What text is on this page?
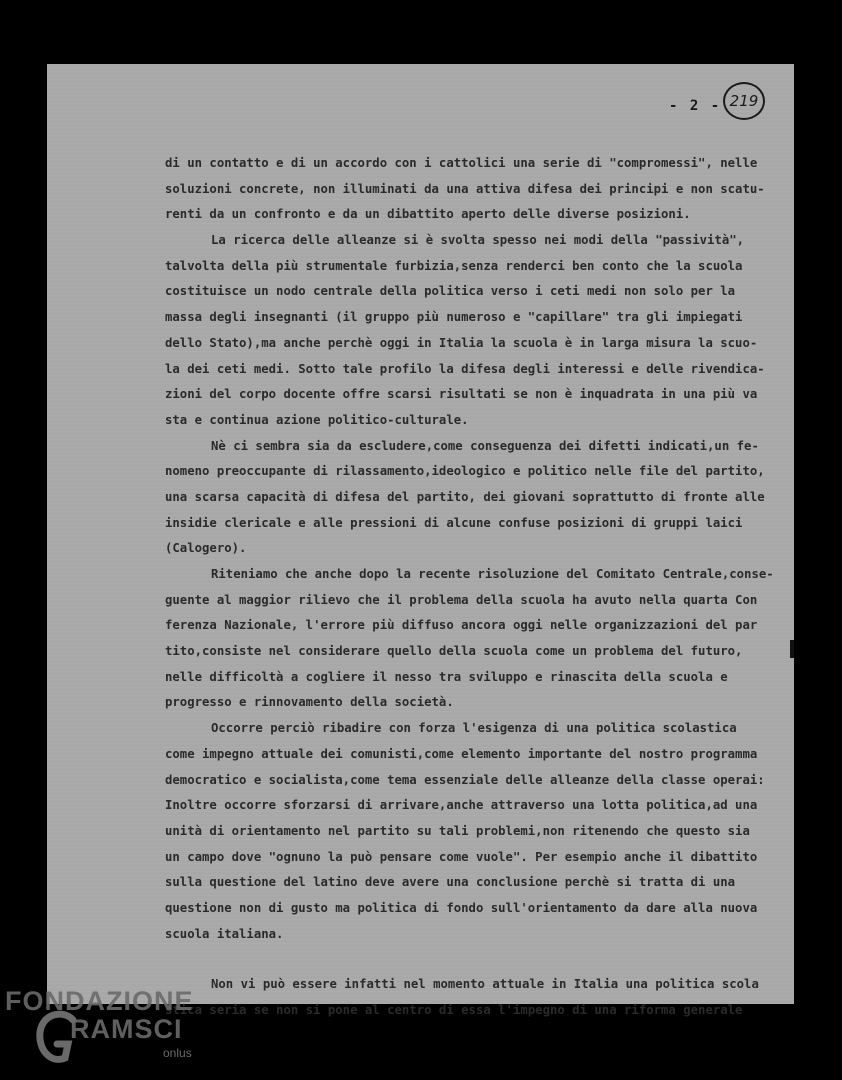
- 2 - 219
di un contatto e di un accordo con i cattolici una serie di "compromessi", nelle
soluzioni concrete, non illuminati da una attiva difesa dei principi e non scatu-
renti da un confronto e da un dibattito aperto delle diverse posizioni.
La ricerca delle alleanze si è svolta spesso nei modi della "passività",
talvolta della più strumentale furbizia,senza renderci ben conto che la scuola
costituisce un nodo centrale della politica verso i ceti medi non solo per la
massa degli insegnanti (il gruppo più numeroso e "capillare" tra gli impiegati
dello Stato),ma anche perchè oggi in Italia la scuola è in larga misura la scuo-
la dei ceti medi. Sotto tale profilo la difesa degli interessi e delle rivendica-
zioni del corpo docente offre scarsi risultati se non è inquadrata in una più va
sta e continua azione politico-culturale.
Nè ci sembra sia da escludere,come conseguenza dei difetti indicati,un fe-
nomeno preoccupante di rilassamento,ideologico e politico nelle file del partito,
una scarsa capacità di difesa del partito, dei giovani soprattutto di fronte alle
insidie clericale e alle pressioni di alcune confuse posizioni di gruppi laici
(Calogero).
Riteniamo che anche dopo la recente risoluzione del Comitato Centrale,conse-
guente al maggior rilievo che il problema della scuola ha avuto nella quarta Con
ferenza Nazionale, l'errore più diffuso ancora oggi nelle organizzazioni del par
tito,consiste nel considerare quello della scuola come un problema del futuro,
nelle difficoltà a cogliere il nesso tra sviluppo e rinascita della scuola e
progresso e rinnovamento della società.
Occorre perciò ribadire con forza l'esigenza di una politica scolastica
come impegno attuale dei comunisti,come elemento importante del nostro programma
democratico e socialista,come tema essenziale delle alleanze della classe operai:
Inoltre occorre sforzarsi di arrivare,anche attraverso una lotta politica,ad una
unità di orientamento nel partito su tali problemi,non ritenendo che questo sia
un campo dove "ognuno la può pensare come vuole". Per esempio anche il dibattito
sulla questione del latino deve avere una conclusione perchè si tratta di una
questione non di gusto ma politica di fondo sull'orientamento da dare alla nuova
scuola italiana.
Non vi può essere infatti nel momento attuale in Italia una politica scola
stica seria se non si pone al centro di essa l'impegno di una riforma generale
FONDAZIONE
RAMSCI
onlus
